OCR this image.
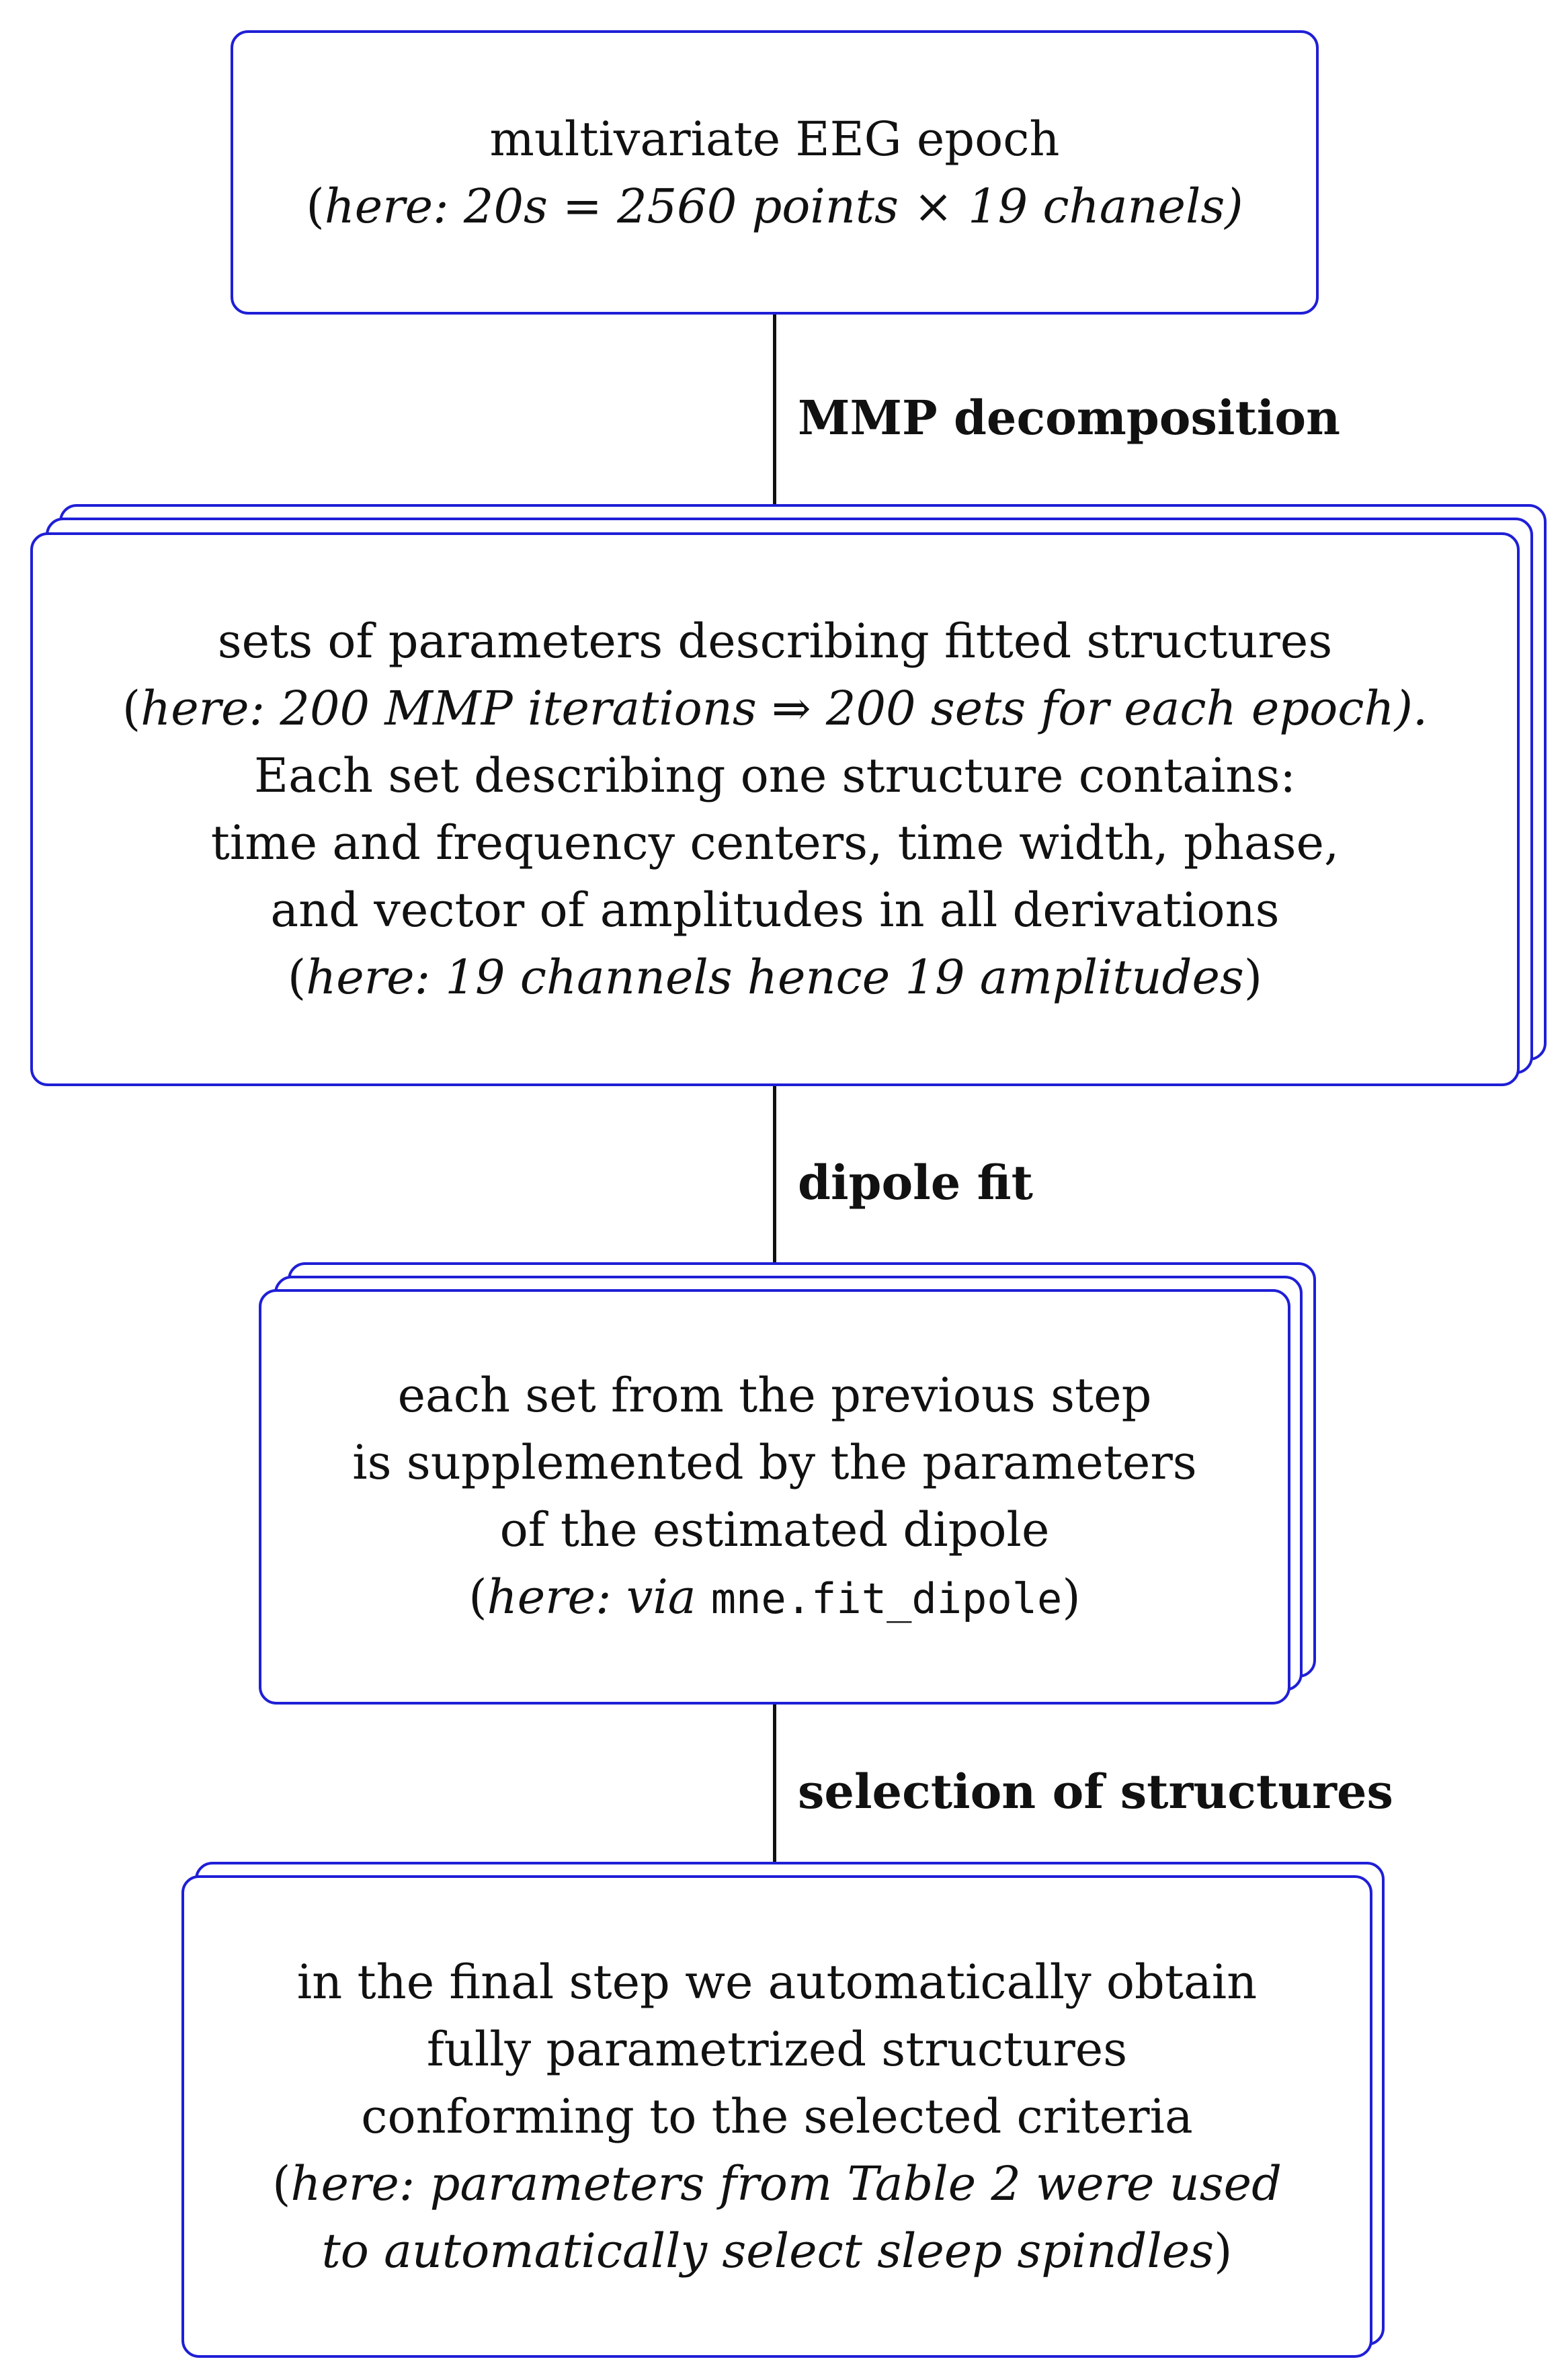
multivariate EEG epoch
(here: 20s = 2560 points × 19 chanels)
MMP decomposition
sets of parameters describing fitted structures
(here: 200 MMP iterations ⇒ 200 sets for each epoch).
Each set describing one structure contains:
time and frequency centers, time width, phase,
and vector of amplitudes in all derivations
(here: 19 channels hence 19 amplitudes)
dipole fit
each set from the previous step
is supplemented by the parameters
of the estimated dipole
(here: via mne.fit_dipole)
selection of structures
in the final step we automatically obtain
fully parametrized structures
conforming to the selected criteria
(here: parameters from Table 2 were used
to automatically select sleep spindles)
